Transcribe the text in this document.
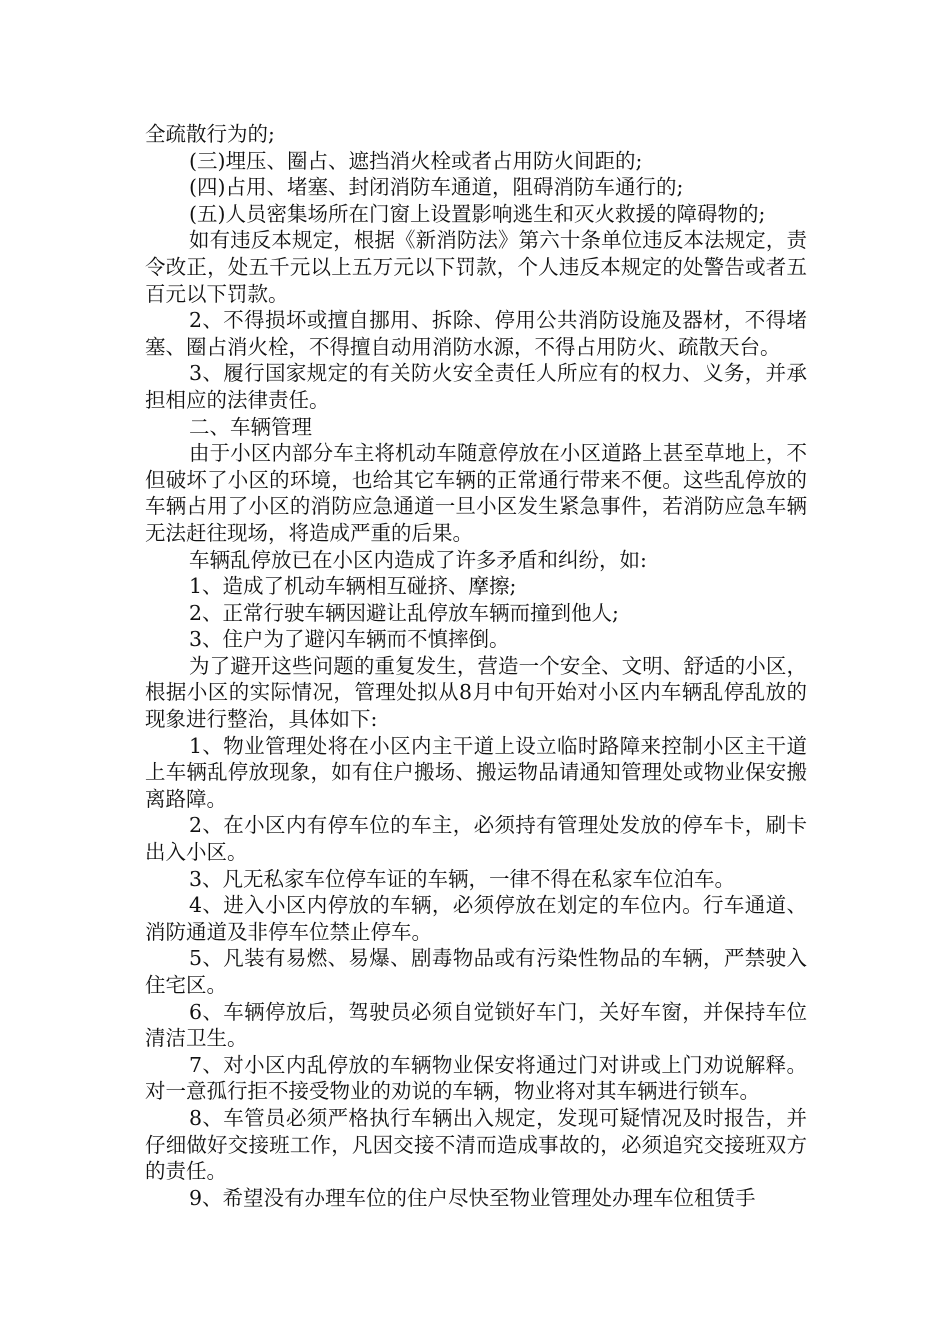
全疏散行为的;

(三)埋压、圈占、遮挡消火栓或者占用防火间距的;

(四)占用、堵塞、封闭消防车通道，阻碍消防车通行的;

(五)人员密集场所在门窗上设置影响逃生和灭火救援的障碍物的;

如有违反本规定，根据《新消防法》第六十条单位违反本法规定，责令改正，处五千元以上五万元以下罚款，个人违反本规定的处警告或者五百元以下罚款。

2、不得损坏或擅自挪用、拆除、停用公共消防设施及器材，不得堵塞、圈占消火栓，不得擅自动用消防水源，不得占用防火、疏散天台。

3、履行国家规定的有关防火安全责任人所应有的权力、义务，并承担相应的法律责任。

二、车辆管理

由于小区内部分车主将机动车随意停放在小区道路上甚至草地上，不但破坏了小区的环境，也给其它车辆的正常通行带来不便。这些乱停放的车辆占用了小区的消防应急通道一旦小区发生紧急事件，若消防应急车辆无法赶往现场，将造成严重的后果。

车辆乱停放已在小区内造成了许多矛盾和纠纷，如:

1、造成了机动车辆相互碰挤、摩擦;

2、正常行驶车辆因避让乱停放车辆而撞到他人;

3、住户为了避闪车辆而不慎摔倒。

为了避开这些问题的重复发生，营造一个安全、文明、舒适的小区，根据小区的实际情况，管理处拟从8月中旬开始对小区内车辆乱停乱放的现象进行整治，具体如下:

1、物业管理处将在小区内主干道上设立临时路障来控制小区主干道上车辆乱停放现象，如有住户搬场、搬运物品请通知管理处或物业保安搬离路障。

2、在小区内有停车位的车主，必须持有管理处发放的停车卡，刷卡出入小区。

3、凡无私家车位停车证的车辆，一律不得在私家车位泊车。

4、进入小区内停放的车辆，必须停放在划定的车位内。行车通道、消防通道及非停车位禁止停车。

5、凡装有易燃、易爆、剧毒物品或有污染性物品的车辆，严禁驶入住宅区。

6、车辆停放后，驾驶员必须自觉锁好车门，关好车窗，并保持车位清洁卫生。

7、对小区内乱停放的车辆物业保安将通过门对讲或上门劝说解释。对一意孤行拒不接受物业的劝说的车辆，物业将对其车辆进行锁车。

8、车管员必须严格执行车辆出入规定，发现可疑情况及时报告，并仔细做好交接班工作，凡因交接不清而造成事故的，必须追究交接班双方的责任。

9、希望没有办理车位的住户尽快至物业管理处办理车位租赁手
